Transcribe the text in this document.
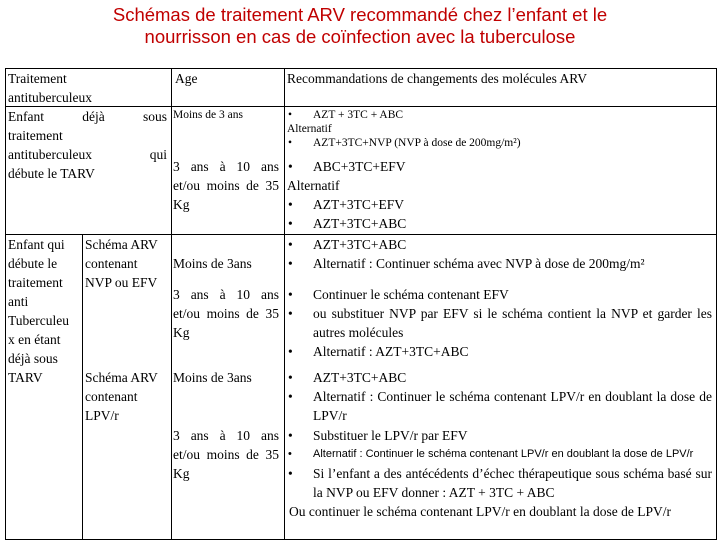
Schémas de traitement ARV recommandé chez l’enfant et le
nourrisson en cas de coïnfection avec la tuberculose
Traitement
antituberculeux
Age	Recommandations de changements des molécules ARV
Enfant déjà sous
traitement
antituberculeux qui
débute le TARV
Moins de 3 ans
3 ans à 10 ans
et/ou moins de 35
Kg
• AZT + 3TC + ABC
Alternatif
• AZT+3TC+NVP (NVP à dose de 200mg/m²)
• ABC+3TC+EFV
Alternatif
• AZT+3TC+EFV
• AZT+3TC+ABC
Enfant qui
débute le
traitement
anti
Tuberculeu
x en étant
déjà sous
TARV
Schéma ARV
contenant
NVP ou EFV
Moins de 3ans
• AZT+3TC+ABC
• Alternatif : Continuer schéma avec NVP à dose de 200mg/m²
3 ans à 10 ans
et/ou moins de 35
Kg
• Continuer le schéma contenant EFV
• ou substituer NVP par EFV si le schéma contient la NVP et garder les autres molécules
• Alternatif : AZT+3TC+ABC
Schéma ARV
contenant
LPV/r
Moins de 3ans
•	AZT+3TC+ABC
• Alternatif : Continuer le schéma contenant LPV/r en doublant la dose de LPV/r
3 ans à 10 ans
et/ou moins de 35
Kg
• Substituer le LPV/r par EFV
• Alternatif : Continuer le schéma contenant LPV/r en doublant la dose de LPV/r
• Si l’enfant a des antécédents d’échec thérapeutique sous schéma basé sur la NVP ou EFV donner : AZT + 3TC + ABC
Ou continuer le schéma contenant LPV/r en doublant la dose de LPV/r
